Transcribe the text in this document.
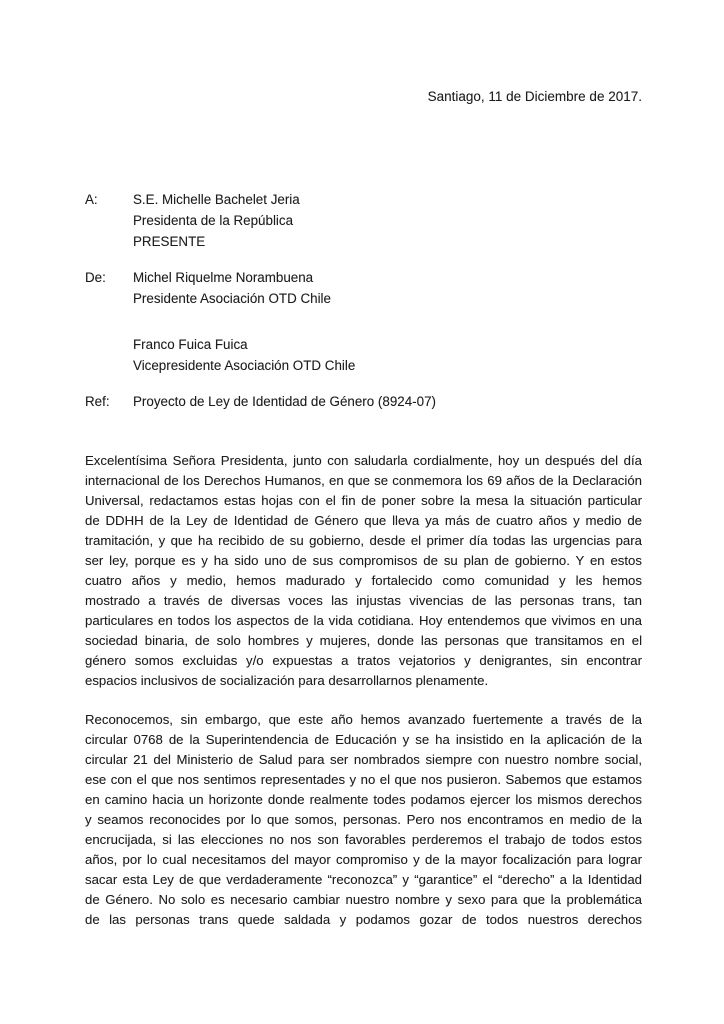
Santiago, 11 de Diciembre de 2017.
A:	S.E. Michelle Bachelet Jeria
Presidenta de la República
PRESENTE
De:	Michel Riquelme Norambuena
Presidente Asociación OTD Chile
Franco Fuica Fuica
Vicepresidente Asociación OTD Chile
Ref:	Proyecto de Ley de Identidad de Género (8924-07)
Excelentísima Señora Presidenta, junto con saludarla cordialmente, hoy un después del día
internacional de los Derechos Humanos, en que se conmemora los 69 años de la Declaración
Universal, redactamos estas hojas con el fin de poner sobre la mesa la situación particular
de DDHH de la Ley de Identidad de Género que lleva ya más de cuatro años y medio de
tramitación, y que ha recibido de su gobierno, desde el primer día todas las urgencias para
ser ley, porque es y ha sido uno de sus compromisos de su plan de gobierno. Y en estos
cuatro años y medio, hemos madurado y fortalecido como comunidad y les hemos
mostrado a través de diversas voces las injustas vivencias de las personas trans, tan
particulares en todos los aspectos de la vida cotidiana. Hoy entendemos que vivimos en una
sociedad binaria, de solo hombres y mujeres, donde las personas que transitamos en el
género somos excluidas y/o expuestas a tratos vejatorios y denigrantes, sin encontrar
espacios inclusivos de socialización para desarrollarnos plenamente.
Reconocemos, sin embargo, que este año hemos avanzado fuertemente a través de la
circular 0768 de la Superintendencia de Educación y se ha insistido en la aplicación de la
circular 21 del Ministerio de Salud para ser nombrados siempre con nuestro nombre social,
ese con el que nos sentimos representades y no el que nos pusieron. Sabemos que estamos
en camino hacia un horizonte donde realmente todes podamos ejercer los mismos derechos
y seamos reconocides por lo que somos, personas. Pero nos encontramos en medio de la
encrucijada, si las elecciones no nos son favorables perderemos el trabajo de todos estos
años, por lo cual necesitamos del mayor compromiso y de la mayor focalización para lograr
sacar esta Ley de que verdaderamente “reconozca” y “garantice” el “derecho” a la Identidad
de Género. No solo es necesario cambiar nuestro nombre y sexo para que la problemática
de las personas trans quede saldada y podamos gozar de todos nuestros derechos
